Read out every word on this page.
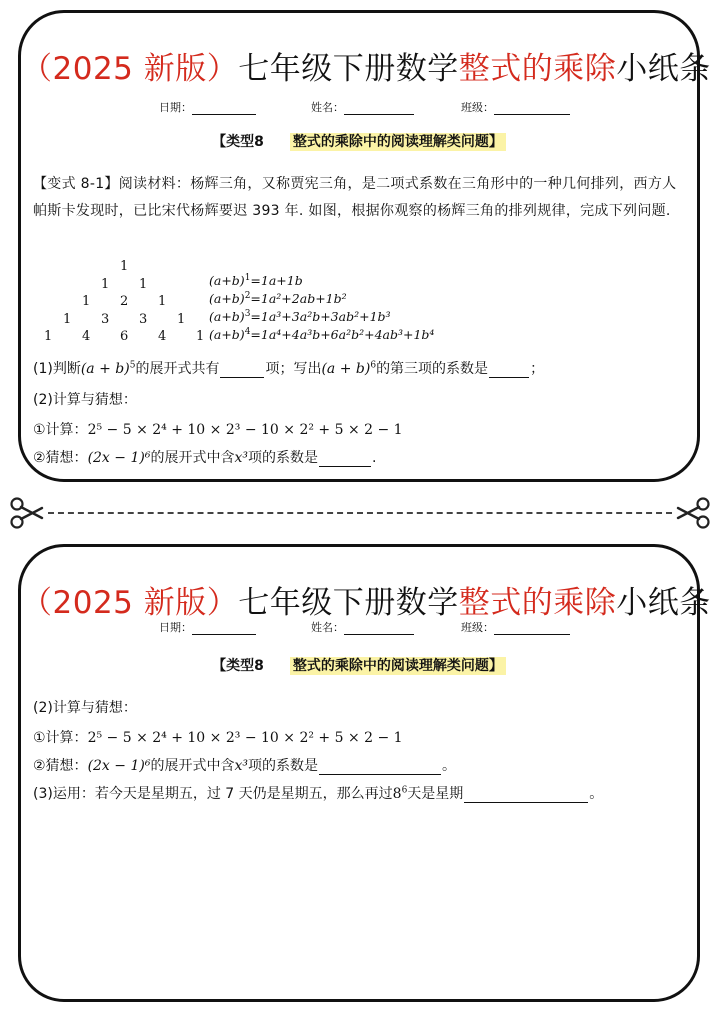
（2025 新版）七年级下册数学整式的乘除小纸条
日期：	姓名：	班级：
【类型8 整式的乘除中的阅读理解类问题】
【变式 8-1】阅读材料：杨辉三角，又称贾宪三角，是二项式系数在三角形中的一种几何排列，西方人帕斯卡发现时，已比宋代杨辉要迟 393 年. 如图，根据你观察的杨辉三角的排列规律，完成下列问题.
1
1 1
1 2 1
1 3 3 1
1 4 6 4 1
$(a+b)^1=1a+1b$
$(a+b)^2=1a^2+2ab+1b^2$
$(a+b)^3=1a^3+3a^2b+3ab^2+1b^3$
$(a+b)^4=1a^4+4a^3b+6a^2b^2+4ab^3+1b^4$
(1)判断$(a + b)^5$的展开式共有	项；写出$(a + b)^6$的第三项的系数是	；
(2)计算与猜想：
①计算：2⁵ − 5 × 2⁴ + 10 × 2³ − 10 × 2² + 5 × 2 − 1
②猜想：(2x − 1)⁶的展开式中含x³项的系数是	.
（2025 新版）七年级下册数学整式的乘除小纸条
日期：	姓名：	班级：
【类型8 整式的乘除中的阅读理解类问题】
(2)计算与猜想：
①计算：2⁵ − 5 × 2⁴ + 10 × 2³ − 10 × 2² + 5 × 2 − 1
②猜想：(2x − 1)⁶的展开式中含x³项的系数是	。
(3)运用：若今天是星期五，过 7 天仍是星期五，那么再过$8^6$天是星期	。
